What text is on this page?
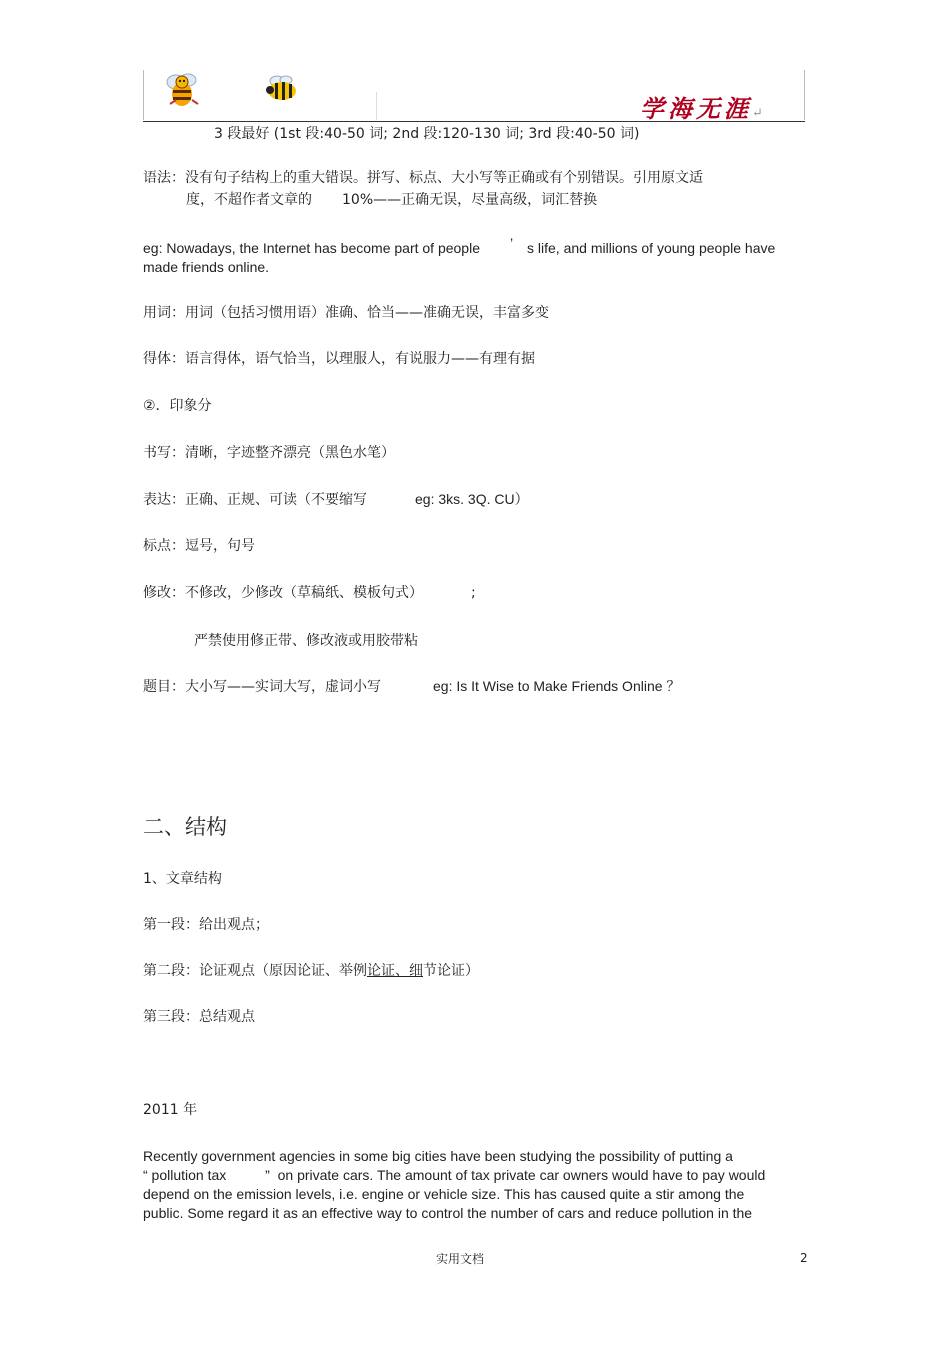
学海无涯↵
3 段最好 (1st 段:40-50 词; 2nd 段:120-130 词; 3rd 段:40-50 词)
语法：没有句子结构上的重大错误。拼写、标点、大小写等正确或有个别错误。引用原文适
度，不超作者文章的 10%——正确无误，尽量高级，词汇替换
eg: Nowadays, the Internet has become part of people ’ s life, and millions of young people have
made friends online.
用词：用词（包括习惯用语）准确、恰当——准确无误，丰富多变
得体：语言得体，语气恰当，以理服人，有说服力——有理有据
②．印象分
书写：清晰，字迹整齐漂亮（黑色水笔）
表达：正确、正规、可读（不要缩写	eg: 3ks. 3Q. CU）
标点：逗号，句号
修改：不修改，少修改（草稿纸、模板句式）	;
严禁使用修正带、修改液或用胶带粘
题目：大小写——实词大写，虚词小写	eg: Is It Wise to Make Friends Online ？
二、结构
1、文章结构
第一段：给出观点；
第二段：论证观点（原因论证、举例论证、细节论证）
第三段：总结观点
2011 年
Recently government agencies in some big cities have been studying the possibility of putting a
“ pollution tax          ”  on private cars. The amount of tax private car owners would have to pay would
depend on the emission levels, i.e. engine or vehicle size. This has caused quite a stir among the
public. Some regard it as an effective way to control the number of cars and reduce pollution in the
实用文档	2
